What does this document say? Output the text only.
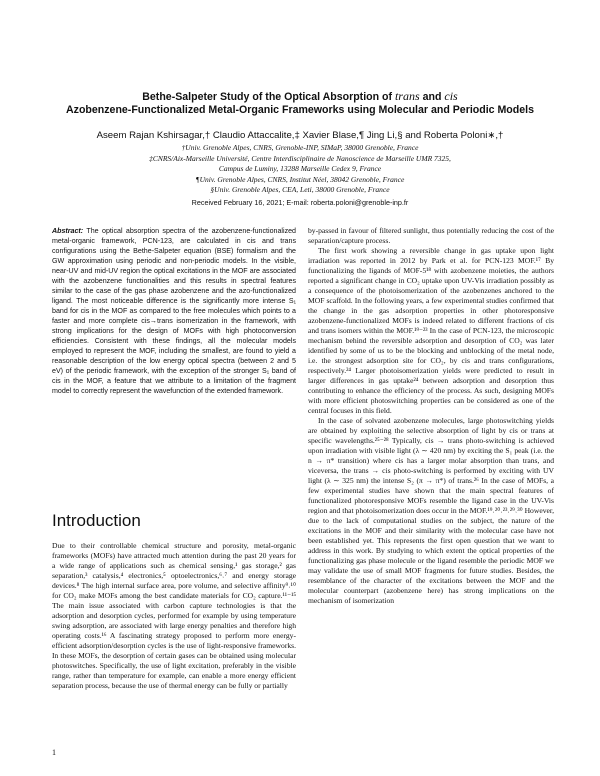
Bethe-Salpeter Study of the Optical Absorption of trans and cis
Azobenzene-Functionalized Metal-Organic Frameworks using Molecular and Periodic Models

Aseem Rajan Kshirsagar,† Claudio Attaccalite,‡ Xavier Blase,¶ Jing Li,§ and Roberta Poloni∗,†

†Univ. Grenoble Alpes, CNRS, Grenoble-INP, SIMaP, 38000 Grenoble, France
‡CNRS/Aix-Marseille Université, Centre Interdisciplinaire de Nanoscience de Marseille UMR 7325,
Campus de Luminy, 13288 Marseille Cedex 9, France
¶Univ. Grenoble Alpes, CNRS, Institut Néel, 38042 Grenoble, France
§Univ. Grenoble Alpes, CEA, Leti, 38000 Grenoble, France
Received February 16, 2021; E-mail: roberta.poloni@grenoble-inp.fr

Abstract: The optical absorption spectra of the azobenzene-functionalized metal-organic framework, PCN-123, are calculated in cis and trans configurations using the Bethe-Salpeter equation (BSE) formalism and the GW approximation using periodic and non-periodic models. In the visible, near-UV and mid-UV region the optical excitations in the MOF are associated with the azobenzene functionalities and this results in spectral features similar to the case of the gas phase azobenzene and the azo-functionalized ligand. The most noticeable difference is the significantly more intense S₁ band for cis in the MOF as compared to the free molecules which points to a faster and more complete cis→trans isomerization in the framework, with strong implications for the design of MOFs with high photoconversion efficiencies. Consistent with these findings, all the molecular models employed to represent the MOF, including the smallest, are found to yield a reasonable description of the low energy optical spectra (between 2 and 5 eV) of the periodic framework, with the exception of the stronger S₁ band of cis in the MOF, a feature that we attribute to a limitation of the fragment model to correctly represent the wavefunction of the extended framework.

Introduction

Due to their controllable chemical structure and porosity, metal-organic frameworks (MOFs) have attracted much attention during the past 20 years for a wide range of applications such as chemical sensing,¹ gas storage,² gas separation,³ catalysis,⁴ electronics,⁵ optoelectronics,⁶˒⁷ and energy storage devices.⁸ The high internal surface area, pore volume, and selective affinity⁹˒¹⁰ for CO₂ make MOFs among the best candidate materials for CO₂ capture.¹¹⁻¹⁵ The main issue associated with carbon capture technologies is that the adsorption and desorption cycles, performed for example by using temperature swing adsorption, are associated with large energy penalties and therefore high operating costs.¹⁶ A fascinating strategy proposed to perform more energy-efficient adsorption/desorption cycles is the use of light-responsive frameworks. In these MOFs, the desorption of certain gases can be obtained using molecular photoswitches. Specifically, the use of light excitation, preferably in the visible range, rather than temperature for example, can enable a more energy efficient separation process, because the use of thermal energy can be fully or partially

by-passed in favour of filtered sunlight, thus potentially reducing the cost of the separation/capture process.

The first work showing a reversible change in gas uptake upon light irradiation was reported in 2012 by Park et al. for PCN-123 MOF.¹⁷ By functionalizing the ligands of MOF-5¹⁸ with azobenzene moieties, the authors reported a significant change in CO₂ uptake upon UV-Vis irradiation possibly as a consequence of the photoisomerization of the azobenzenes anchored to the MOF scaffold. In the following years, a few experimental studies confirmed that the change in the gas adsorption properties in other photoresponsive azobenzene-functionalized MOFs is indeed related to different fractions of cis and trans isomers within the MOF.¹⁹⁻²³ In the case of PCN-123, the microscopic mechanism behind the reversible adsorption and desorption of CO₂ was later identified by some of us to be the blocking and unblocking of the metal node, i.e. the strongest adsorption site for CO₂, by cis and trans configurations, respectively.²⁴ Larger photoisomerization yields were predicted to result in larger differences in gas uptake²⁴ between adsorption and desorption thus contributing to enhance the efficiency of the process. As such, designing MOFs with more efficient photoswitching properties can be considered as one of the central focuses in this field.

In the case of solvated azobenzene molecules, large photoswitching yields are obtained by exploiting the selective absorption of light by cis or trans at specific wavelengths.²⁵⁻²⁸ Typically, cis → trans photo-switching is achieved upon irradiation with visible light (λ ∼ 420 nm) by exciting the S₁ peak (i.e. the n → π* transition) where cis has a larger molar absorption than trans, and viceversa, the trans → cis photo-switching is performed by exciting with UV light (λ ∼ 325 nm) the intense S₂ (π → π*) of trans.²⁶ In the case of MOFs, a few experimental studies have shown that the main spectral features of functionalized photoresponsive MOFs resemble the ligand case in the UV-Vis region and that photoisomerization does occur in the MOF.¹⁹˒²⁰˒²³˒²⁹˒³⁰ However, due to the lack of computational studies on the subject, the nature of the excitations in the MOF and their similarity with the molecular case have not been established yet. This represents the first open question that we want to address in this work. By studying to which extent the optical properties of the functionalizing gas phase molecule or the ligand resemble the periodic MOF we may validate the use of small MOF fragments for future studies. Besides, the resemblance of the character of the excitations between the MOF and the molecular counterpart (azobenzene here) has strong implications on the mechanism of isomerization

1
